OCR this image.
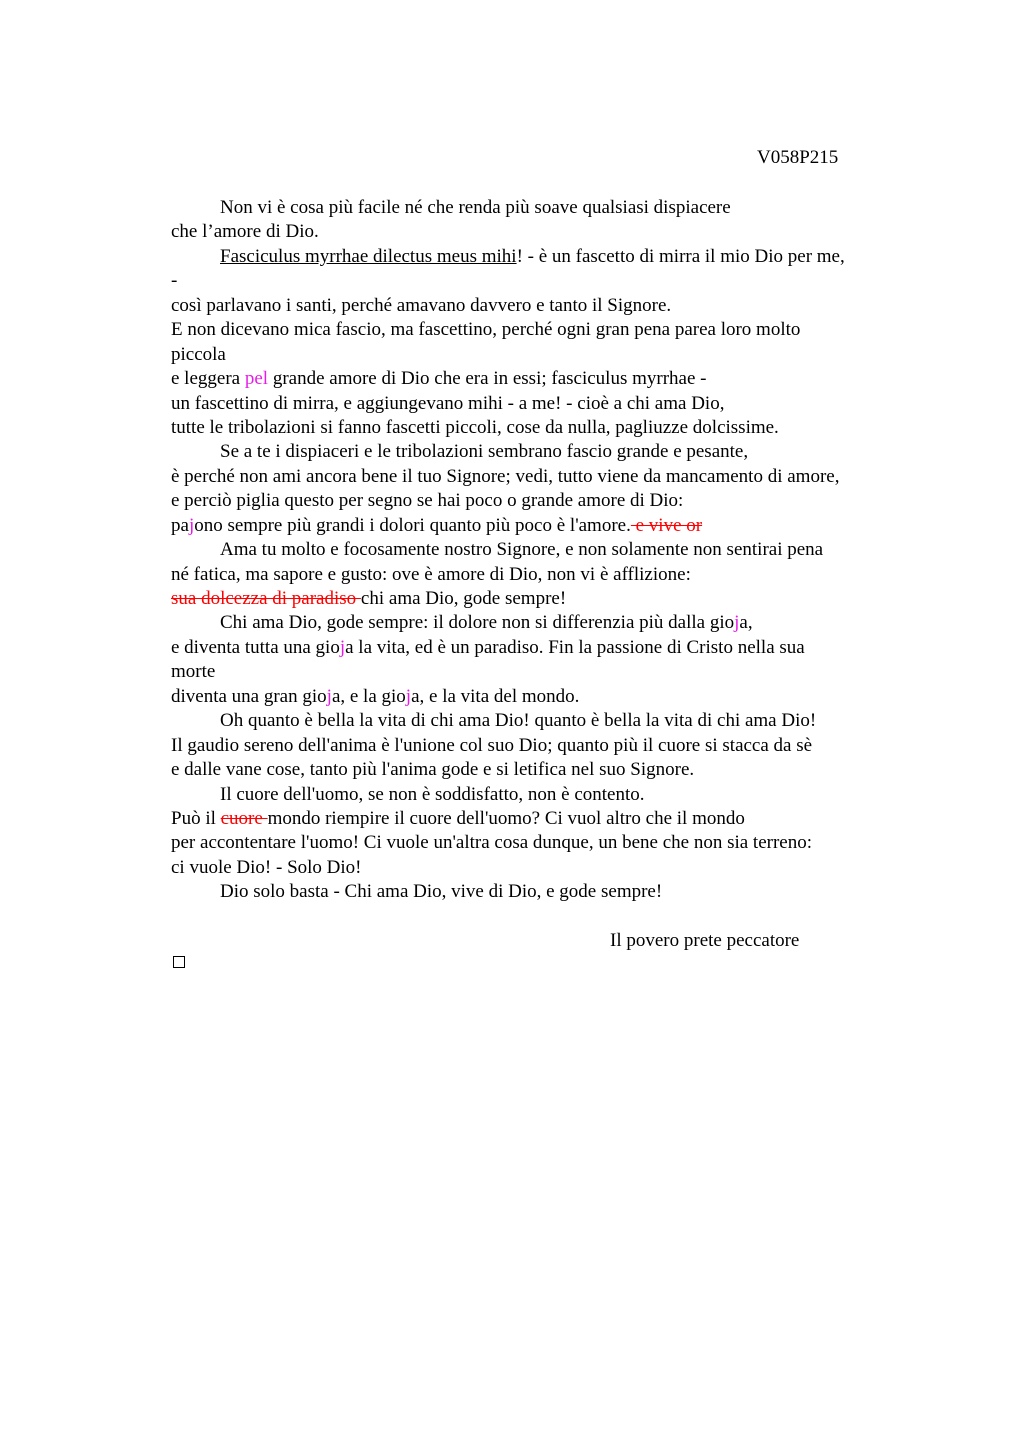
V058P215
Non vi è cosa più facile né che renda più soave qualsiasi dispiacere
che l’amore di Dio.
Fasciculus myrrhae dilectus meus mihi! - è un fascetto di mirra il mio Dio per me,
-
così parlavano i santi, perché amavano davvero e tanto il Signore.
E non dicevano mica fascio, ma fascettino, perché ogni gran pena parea loro molto
piccola
e leggera pel grande amore di Dio che era in essi; fasciculus myrrhae -
un fascettino di mirra, e aggiungevano mihi - a me! - cioè a chi ama Dio,
tutte le tribolazioni si fanno fascetti piccoli, cose da nulla, pagliuzze dolcissime.
Se a te i dispiaceri e le tribolazioni sembrano fascio grande e pesante,
è perché non ami ancora bene il tuo Signore; vedi, tutto viene da mancamento di amore,
e perciò piglia questo per segno se hai poco o grande amore di Dio:
pajono sempre più grandi i dolori quanto più poco è l'amore. e vive or
Ama tu molto e focosamente nostro Signore, e non solamente non sentirai pena
né fatica, ma sapore e gusto: ove è amore di Dio, non vi è afflizione:
sua dolcezza di paradiso chi ama Dio, gode sempre!
Chi ama Dio, gode sempre: il dolore non si differenzia più dalla gioja,
e diventa tutta una gioja la vita, ed è un paradiso. Fin la passione di Cristo nella sua
morte
diventa una gran gioja, e la gioja, e la vita del mondo.
Oh quanto è bella la vita di chi ama Dio! quanto è bella la vita di chi ama Dio!
Il gaudio sereno dell'anima è l'unione col suo Dio; quanto più il cuore si stacca da sè
e dalle vane cose, tanto più l'anima gode e si letifica nel suo Signore.
Il cuore dell'uomo, se non è soddisfatto, non è contento.
Può il cuore mondo riempire il cuore dell'uomo? Ci vuol altro che il mondo
per accontentare l'uomo! Ci vuole un'altra cosa dunque, un bene che non sia terreno:
ci vuole Dio! - Solo Dio!
Dio solo basta - Chi ama Dio, vive di Dio, e gode sempre!
Il povero prete peccatore
